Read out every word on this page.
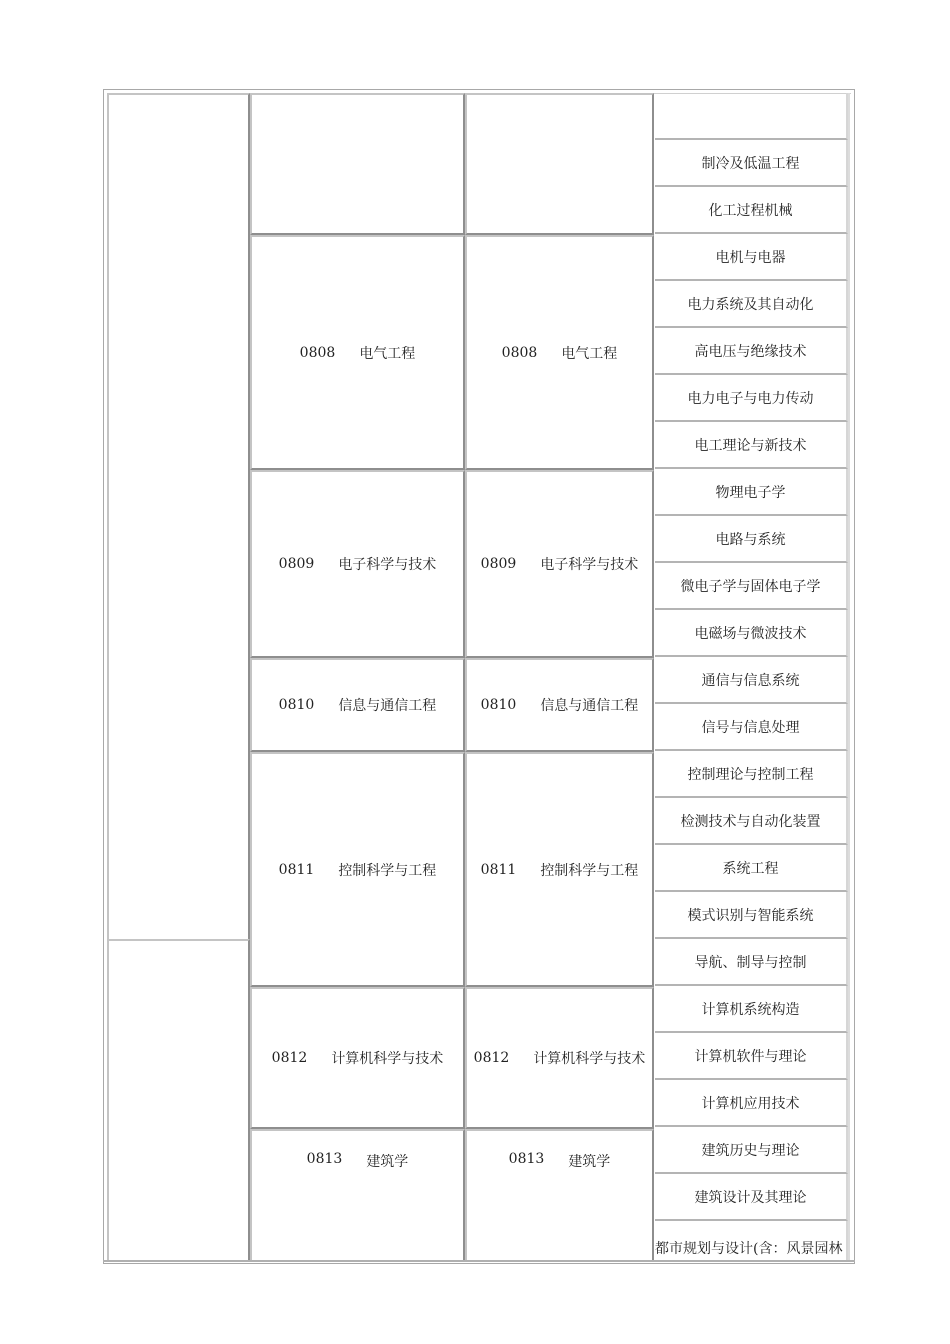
0808 电气工程
0809 电子科学与技术
0810 信息与通信工程
0811 控制科学与工程
0812 计算机科学与技术
0813 建筑学
0808 电气工程
0809 电子科学与技术
0810 信息与通信工程
0811 控制科学与工程
0812 计算机科学与技术
0813 建筑学
制冷及低温工程
化工过程机械
电机与电器
电力系统及其自动化
高电压与绝缘技术
电力电子与电力传动
电工理论与新技术
物理电子学
电路与系统
微电子学与固体电子学
电磁场与微波技术
通信与信息系统
信号与信息处理
控制理论与控制工程
检测技术与自动化装置
系统工程
模式识别与智能系统
导航、制导与控制
计算机系统构造
计算机软件与理论
计算机应用技术
建筑历史与理论
建筑设计及其理论
都市规划与设计(含：风景园林
